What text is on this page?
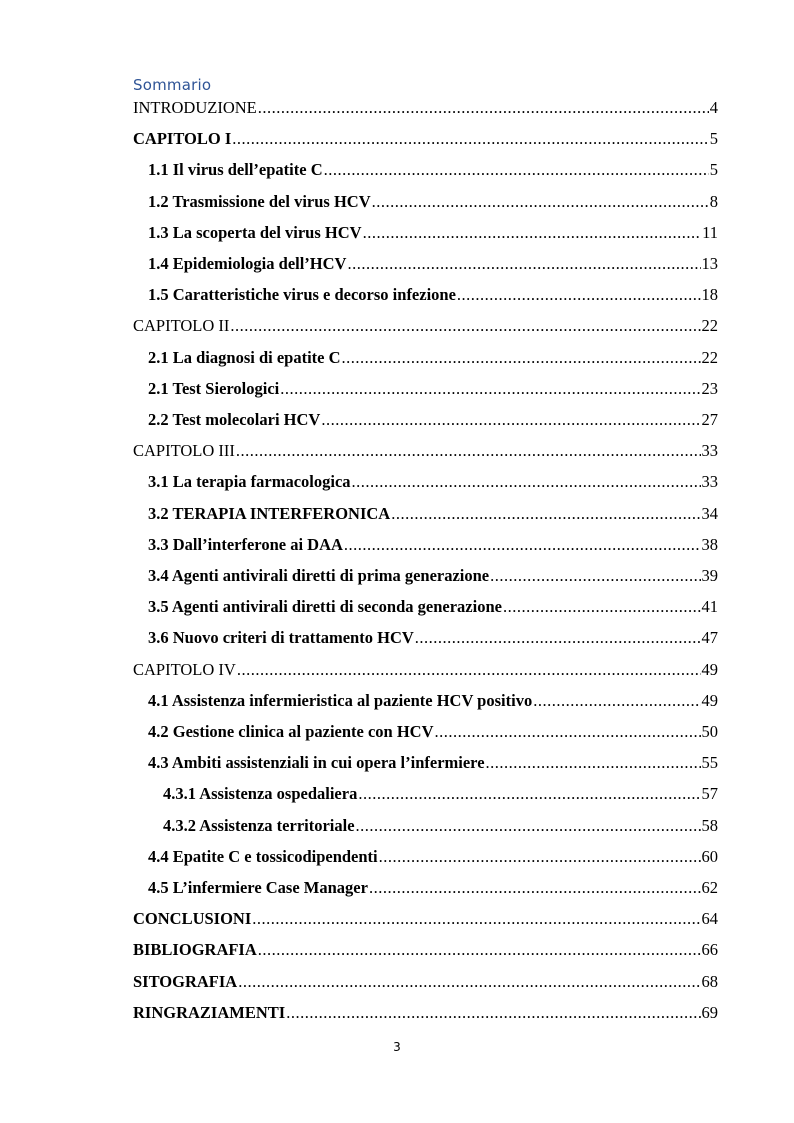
Sommario
INTRODUZIONE .....	4
CAPITOLO I .....	5
1.1 Il virus dell’epatite C .....	5
1.2 Trasmissione del virus HCV .....	8
1.3 La scoperta del virus HCV .....	11
1.4 Epidemiologia dell’HCV .....	13
1.5 Caratteristiche virus e decorso infezione .....	18
CAPITOLO II .....	22
2.1 La diagnosi di epatite C .....	22
2.1 Test Sierologici .....	23
2.2 Test molecolari HCV .....	27
CAPITOLO III .....	33
3.1 La terapia farmacologica .....	33
3.2 TERAPIA INTERFERONICA .....	34
3.3 Dall’interferone ai DAA .....	38
3.4 Agenti antivirali diretti di prima generazione .....	39
3.5 Agenti antivirali diretti di seconda generazione .....	41
3.6 Nuovo criteri di trattamento HCV .....	47
CAPITOLO IV .....	49
4.1 Assistenza infermieristica al paziente HCV positivo .....	49
4.2 Gestione clinica al paziente con HCV .....	50
4.3 Ambiti assistenziali in cui opera l’infermiere .....	55
4.3.1 Assistenza ospedaliera .....	57
4.3.2 Assistenza territoriale .....	58
4.4 Epatite C e tossicodipendenti .....	60
4.5 L’infermiere Case Manager .....	62
CONCLUSIONI .....	64
BIBLIOGRAFIA .....	66
SITOGRAFIA .....	68
RINGRAZIAMENTI .....	69
3
